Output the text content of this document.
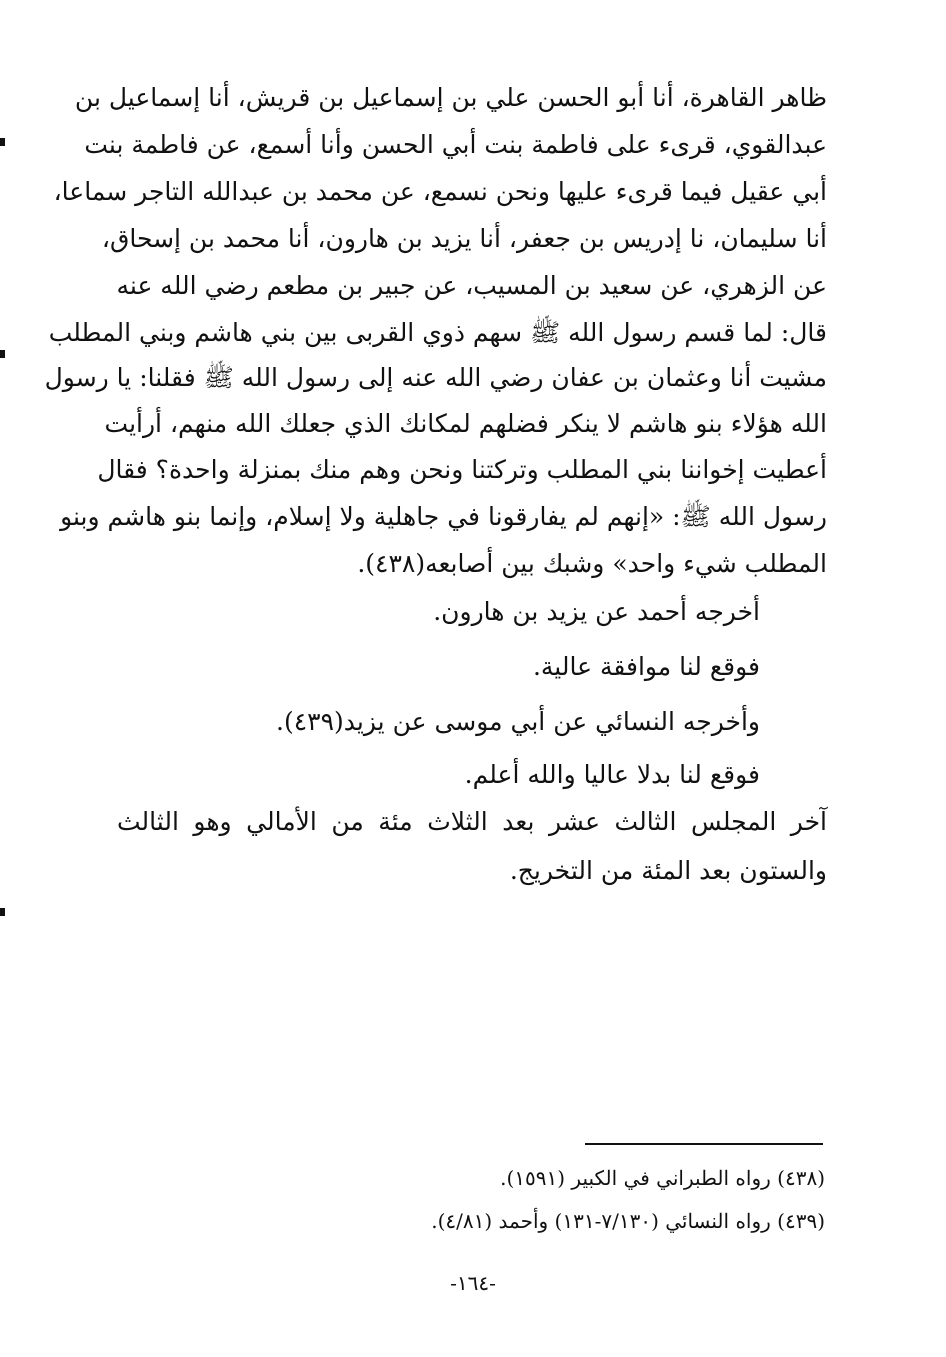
ظاهر القاهرة، أنا أبو الحسن علي بن إسماعيل بن قريش، أنا إسماعيل بن
عبدالقوي، قرىء على فاطمة بنت أبي الحسن وأنا أسمع، عن فاطمة بنت
أبي عقيل فيما قرىء عليها ونحن نسمع، عن محمد بن عبدالله التاجر سماعا،
أنا سليمان، نا إدريس بن جعفر، أنا يزيد بن هارون، أنا محمد بن إسحاق،
عن الزهري، عن سعيد بن المسيب، عن جبير بن مطعم رضي الله عنه
قال: لما قسم رسول الله ﷺ سهم ذوي القربى بين بني هاشم وبني المطلب
مشيت أنا وعثمان بن عفان رضي الله عنه إلى رسول الله ﷺ فقلنا: يا رسول
الله هؤلاء بنو هاشم لا ينكر فضلهم لمكانك الذي جعلك الله منهم، أرأيت
أعطيت إخواننا بني المطلب وتركتنا ونحن وهم منك بمنزلة واحدة؟ فقال
رسول الله ﷺ: «إنهم لم يفارقونا في جاهلية ولا إسلام، وإنما بنو هاشم وبنو
المطلب شيء واحد» وشبك بين أصابعه(٤٣٨).
أخرجه أحمد عن يزيد بن هارون.
فوقع لنا موافقة عالية.
وأخرجه النسائي عن أبي موسى عن يزيد(٤٣٩).
فوقع لنا بدلا عاليا والله أعلم.
آخر المجلس الثالث عشر بعد الثلاث مئة من الأمالي وهو الثالث
والستون بعد المئة من التخريج.
(٤٣٨) رواه الطبراني في الكبير (١٥٩١).
(٤٣٩) رواه النسائي (٧/١٣٠-١٣١) وأحمد (٤/٨١).
-١٦٤-
